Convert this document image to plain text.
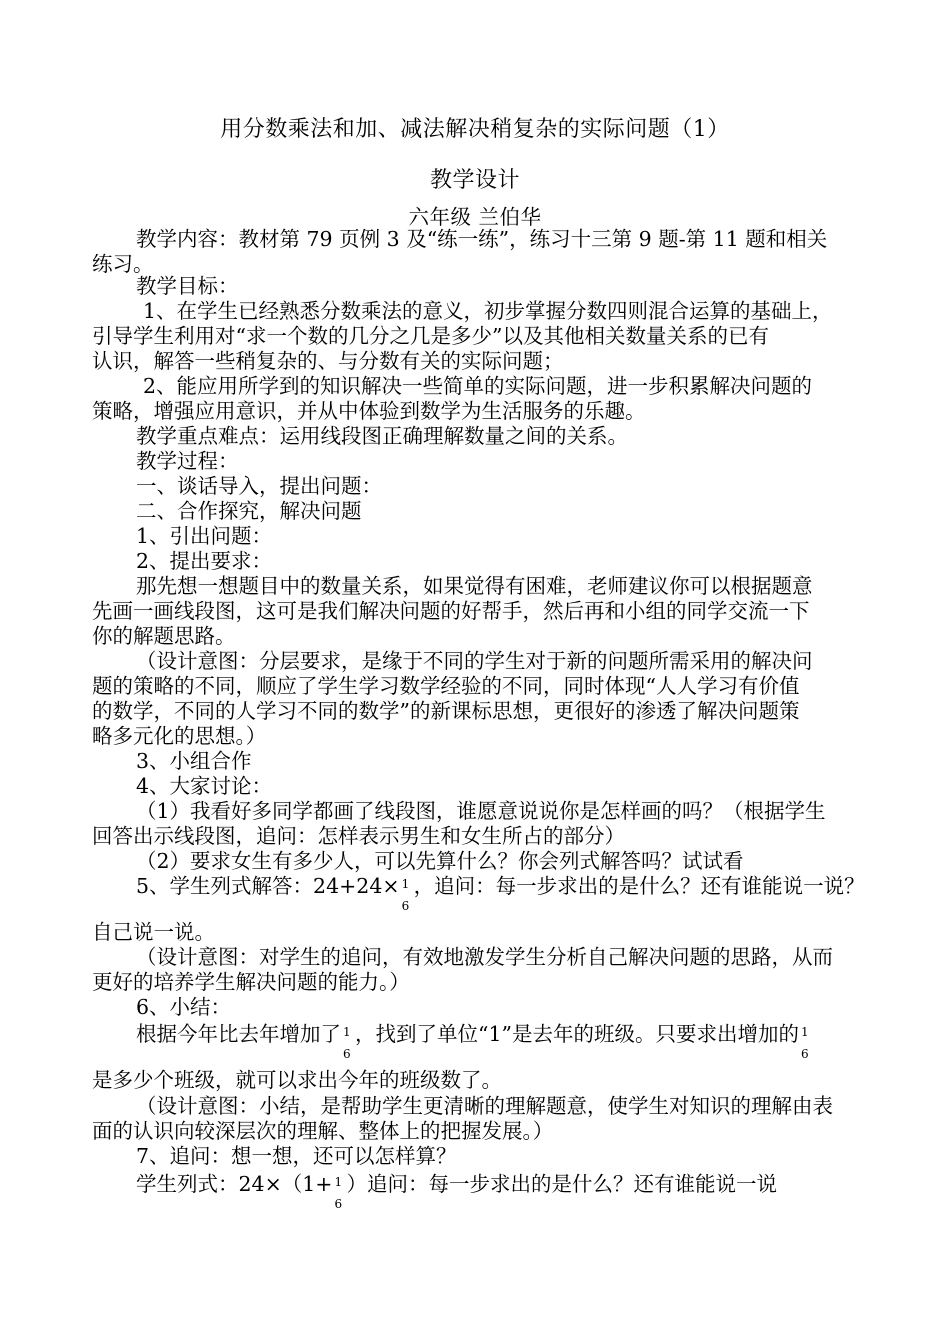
用分数乘法和加、减法解决稍复杂的实际问题（1）
教学设计
六年级 兰伯华
教学内容：教材第 79 页例 3 及“练一练”，练习十三第 9 题-第 11 题和相关
练习。
教学目标：
1、在学生已经熟悉分数乘法的意义，初步掌握分数四则混合运算的基础上，
引导学生利用对“求一个数的几分之几是多少”以及其他相关数量关系的已有
认识，解答一些稍复杂的、与分数有关的实际问题；
2、能应用所学到的知识解决一些简单的实际问题，进一步积累解决问题的
策略，增强应用意识，并从中体验到数学为生活服务的乐趣。
教学重点难点：运用线段图正确理解数量之间的关系。
教学过程：
一、谈话导入，提出问题：
二、合作探究，解决问题
1、引出问题：
2、提出要求：
那先想一想题目中的数量关系，如果觉得有困难，老师建议你可以根据题意
先画一画线段图，这可是我们解决问题的好帮手，然后再和小组的同学交流一下
你的解题思路。
（设计意图：分层要求，是缘于不同的学生对于新的问题所需采用的解决问
题的策略的不同，顺应了学生学习数学经验的不同，同时体现“人人学习有价值
的数学，不同的人学习不同的数学”的新课标思想，更很好的渗透了解决问题策
略多元化的思想。）
3、小组合作
4、大家讨论：
（1）我看好多同学都画了线段图，谁愿意说说你是怎样画的吗？（根据学生
回答出示线段图，追问：怎样表示男生和女生所占的部分）
（2）要求女生有多少人，可以先算什么？你会列式解答吗？试试看
5、学生列式解答：24+24× 1
6
，追问：每一步求出的是什么？还有谁能说一说？
自己说一说。
（设计意图：对学生的追问，有效地激发学生分析自己解决问题的思路，从而
更好的培养学生解决问题的能力。）
6、小结：
根据今年比去年增加了 1
6
，找到了单位“1”是去年的班级。只要求出增加的 1
6
是多少个班级，就可以求出今年的班级数了。
（设计意图：小结，是帮助学生更清晰的理解题意，使学生对知识的理解由表
面的认识向较深层次的理解、整体上的把握发展。）
7、追问：想一想，还可以怎样算？
学生列式：24×（1+ 1
6
）追问：每一步求出的是什么？还有谁能说一说
